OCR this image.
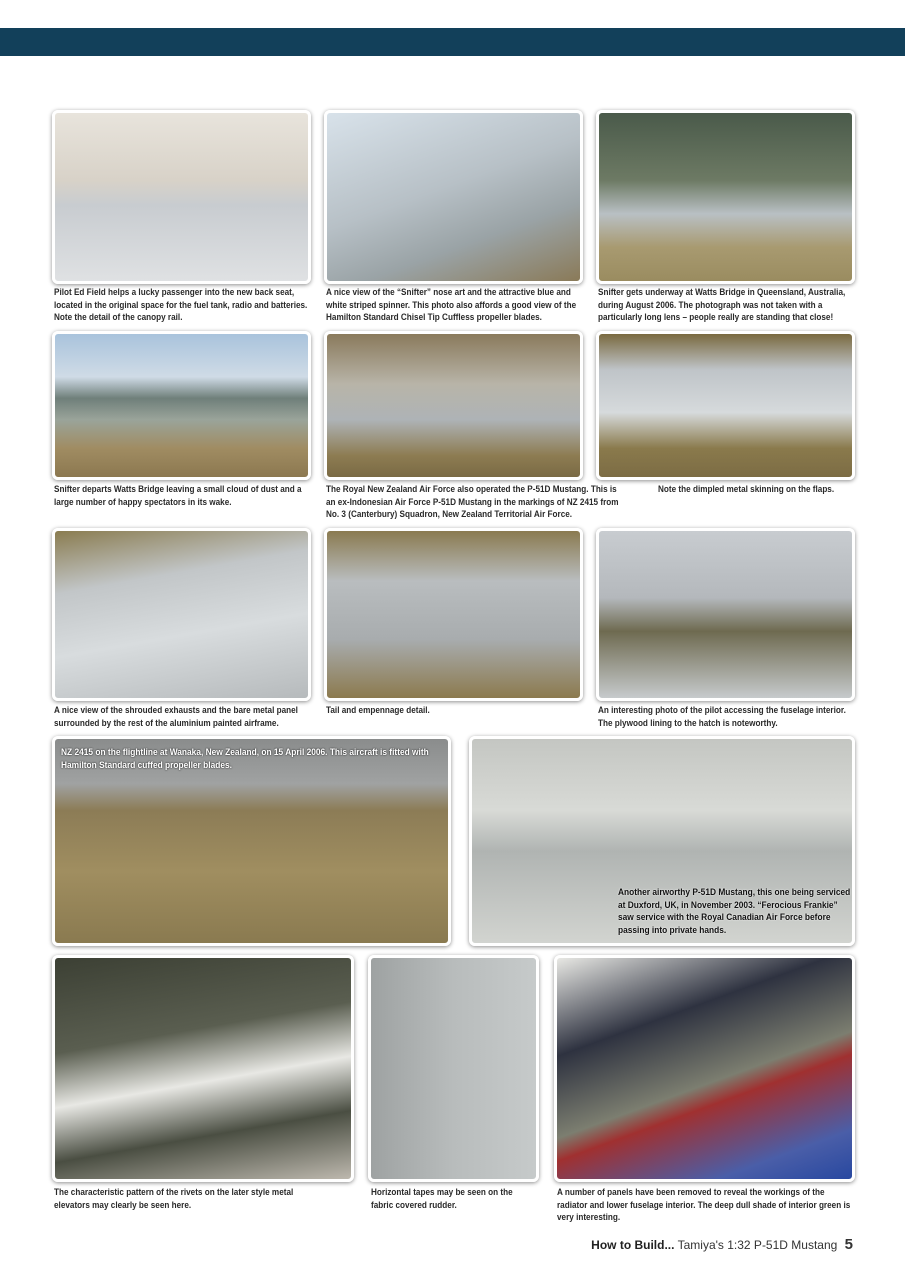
Pilot Ed Field helps a lucky passenger into the new back seat, located in the original space for the fuel tank, radio and batteries. Note the detail of the canopy rail.
A nice view of the “Snifter” nose art and the attractive blue and white striped spinner. This photo also affords a good view of the Hamilton Standard Chisel Tip Cuffless propeller blades.
Snifter gets underway at Watts Bridge in Queensland, Australia, during August 2006. The photograph was not taken with a particularly long lens – people really are standing that close!
Snifter departs Watts Bridge leaving a small cloud of dust and a large number of happy spectators in its wake.
The Royal New Zealand Air Force also operated the P-51D Mustang. This is an ex-Indonesian Air Force P-51D Mustang in the markings of NZ 2415 from No. 3 (Canterbury) Squadron, New Zealand Territorial Air Force.
Note the dimpled metal skinning on the flaps.
A nice view of the shrouded exhausts and the bare metal panel surrounded by the rest of the aluminium painted airframe.
Tail and empennage detail.	An interesting photo of the pilot accessing the fuselage interior. The plywood lining to the hatch is noteworthy.
NZ 2415 on the flightline at Wanaka, New Zealand, on 15 April 2006. This aircraft is fitted with Hamilton Standard cuffed propeller blades.
Another airworthy P-51D Mustang, this one being serviced at Duxford, UK, in November 2003. “Ferocious Frankie” saw service with the Royal Canadian Air Force before passing into private hands.
The characteristic pattern of the rivets on the later style metal elevators may clearly be seen here.
Horizontal tapes may be seen on the fabric covered rudder.
A number of panels have been removed to reveal the workings of the radiator and lower fuselage interior. The deep dull shade of interior green is very interesting.
How to Build... Tamiya's 1:32 P-51D Mustang 5
